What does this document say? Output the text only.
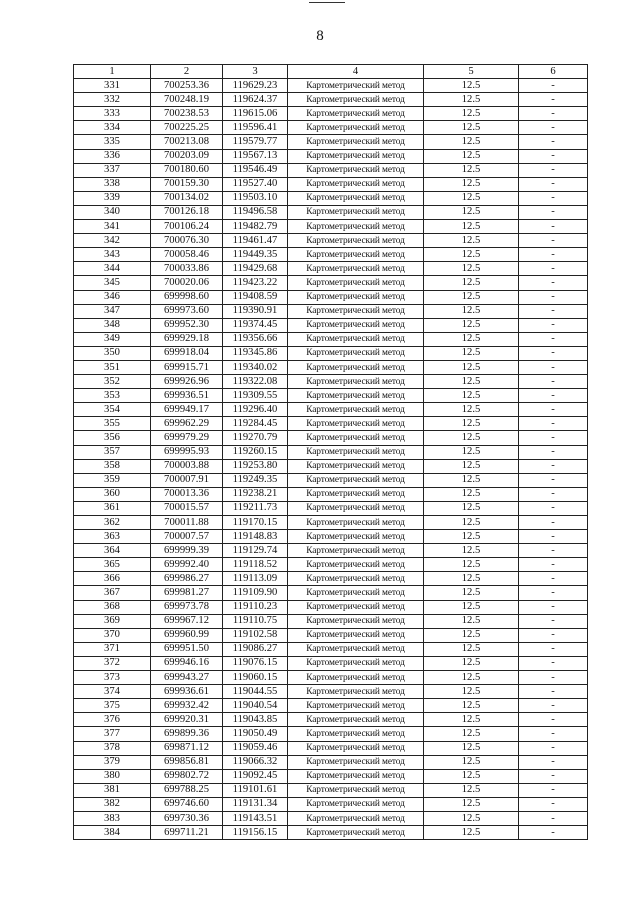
8
1	2	3	4	5	6
331	700253.36	119629.23	Картометрический метод	12.5	-
332	700248.19	119624.37	Картометрический метод	12.5	-
333	700238.53	119615.06	Картометрический метод	12.5	-
334	700225.25	119596.41	Картометрический метод	12.5	-
335	700213.08	119579.77	Картометрический метод	12.5	-
336	700203.09	119567.13	Картометрический метод	12.5	-
337	700180.60	119546.49	Картометрический метод	12.5	-
338	700159.30	119527.40	Картометрический метод	12.5	-
339	700134.02	119503.10	Картометрический метод	12.5	-
340	700126.18	119496.58	Картометрический метод	12.5	-
341	700106.24	119482.79	Картометрический метод	12.5	-
342	700076.30	119461.47	Картометрический метод	12.5	-
343	700058.46	119449.35	Картометрический метод	12.5	-
344	700033.86	119429.68	Картометрический метод	12.5	-
345	700020.06	119423.22	Картометрический метод	12.5	-
346	699998.60	119408.59	Картометрический метод	12.5	-
347	699973.60	119390.91	Картометрический метод	12.5	-
348	699952.30	119374.45	Картометрический метод	12.5	-
349	699929.18	119356.66	Картометрический метод	12.5	-
350	699918.04	119345.86	Картометрический метод	12.5	-
351	699915.71	119340.02	Картометрический метод	12.5	-
352	699926.96	119322.08	Картометрический метод	12.5	-
353	699936.51	119309.55	Картометрический метод	12.5	-
354	699949.17	119296.40	Картометрический метод	12.5	-
355	699962.29	119284.45	Картометрический метод	12.5	-
356	699979.29	119270.79	Картометрический метод	12.5	-
357	699995.93	119260.15	Картометрический метод	12.5	-
358	700003.88	119253.80	Картометрический метод	12.5	-
359	700007.91	119249.35	Картометрический метод	12.5	-
360	700013.36	119238.21	Картометрический метод	12.5	-
361	700015.57	119211.73	Картометрический метод	12.5	-
362	700011.88	119170.15	Картометрический метод	12.5	-
363	700007.57	119148.83	Картометрический метод	12.5	-
364	699999.39	119129.74	Картометрический метод	12.5	-
365	699992.40	119118.52	Картометрический метод	12.5	-
366	699986.27	119113.09	Картометрический метод	12.5	-
367	699981.27	119109.90	Картометрический метод	12.5	-
368	699973.78	119110.23	Картометрический метод	12.5	-
369	699967.12	119110.75	Картометрический метод	12.5	-
370	699960.99	119102.58	Картометрический метод	12.5	-
371	699951.50	119086.27	Картометрический метод	12.5	-
372	699946.16	119076.15	Картометрический метод	12.5	-
373	699943.27	119060.15	Картометрический метод	12.5	-
374	699936.61	119044.55	Картометрический метод	12.5	-
375	699932.42	119040.54	Картометрический метод	12.5	-
376	699920.31	119043.85	Картометрический метод	12.5	-
377	699899.36	119050.49	Картометрический метод	12.5	-
378	699871.12	119059.46	Картометрический метод	12.5	-
379	699856.81	119066.32	Картометрический метод	12.5	-
380	699802.72	119092.45	Картометрический метод	12.5	-
381	699788.25	119101.61	Картометрический метод	12.5	-
382	699746.60	119131.34	Картометрический метод	12.5	-
383	699730.36	119143.51	Картометрический метод	12.5	-
384	699711.21	119156.15	Картометрический метод	12.5	-
